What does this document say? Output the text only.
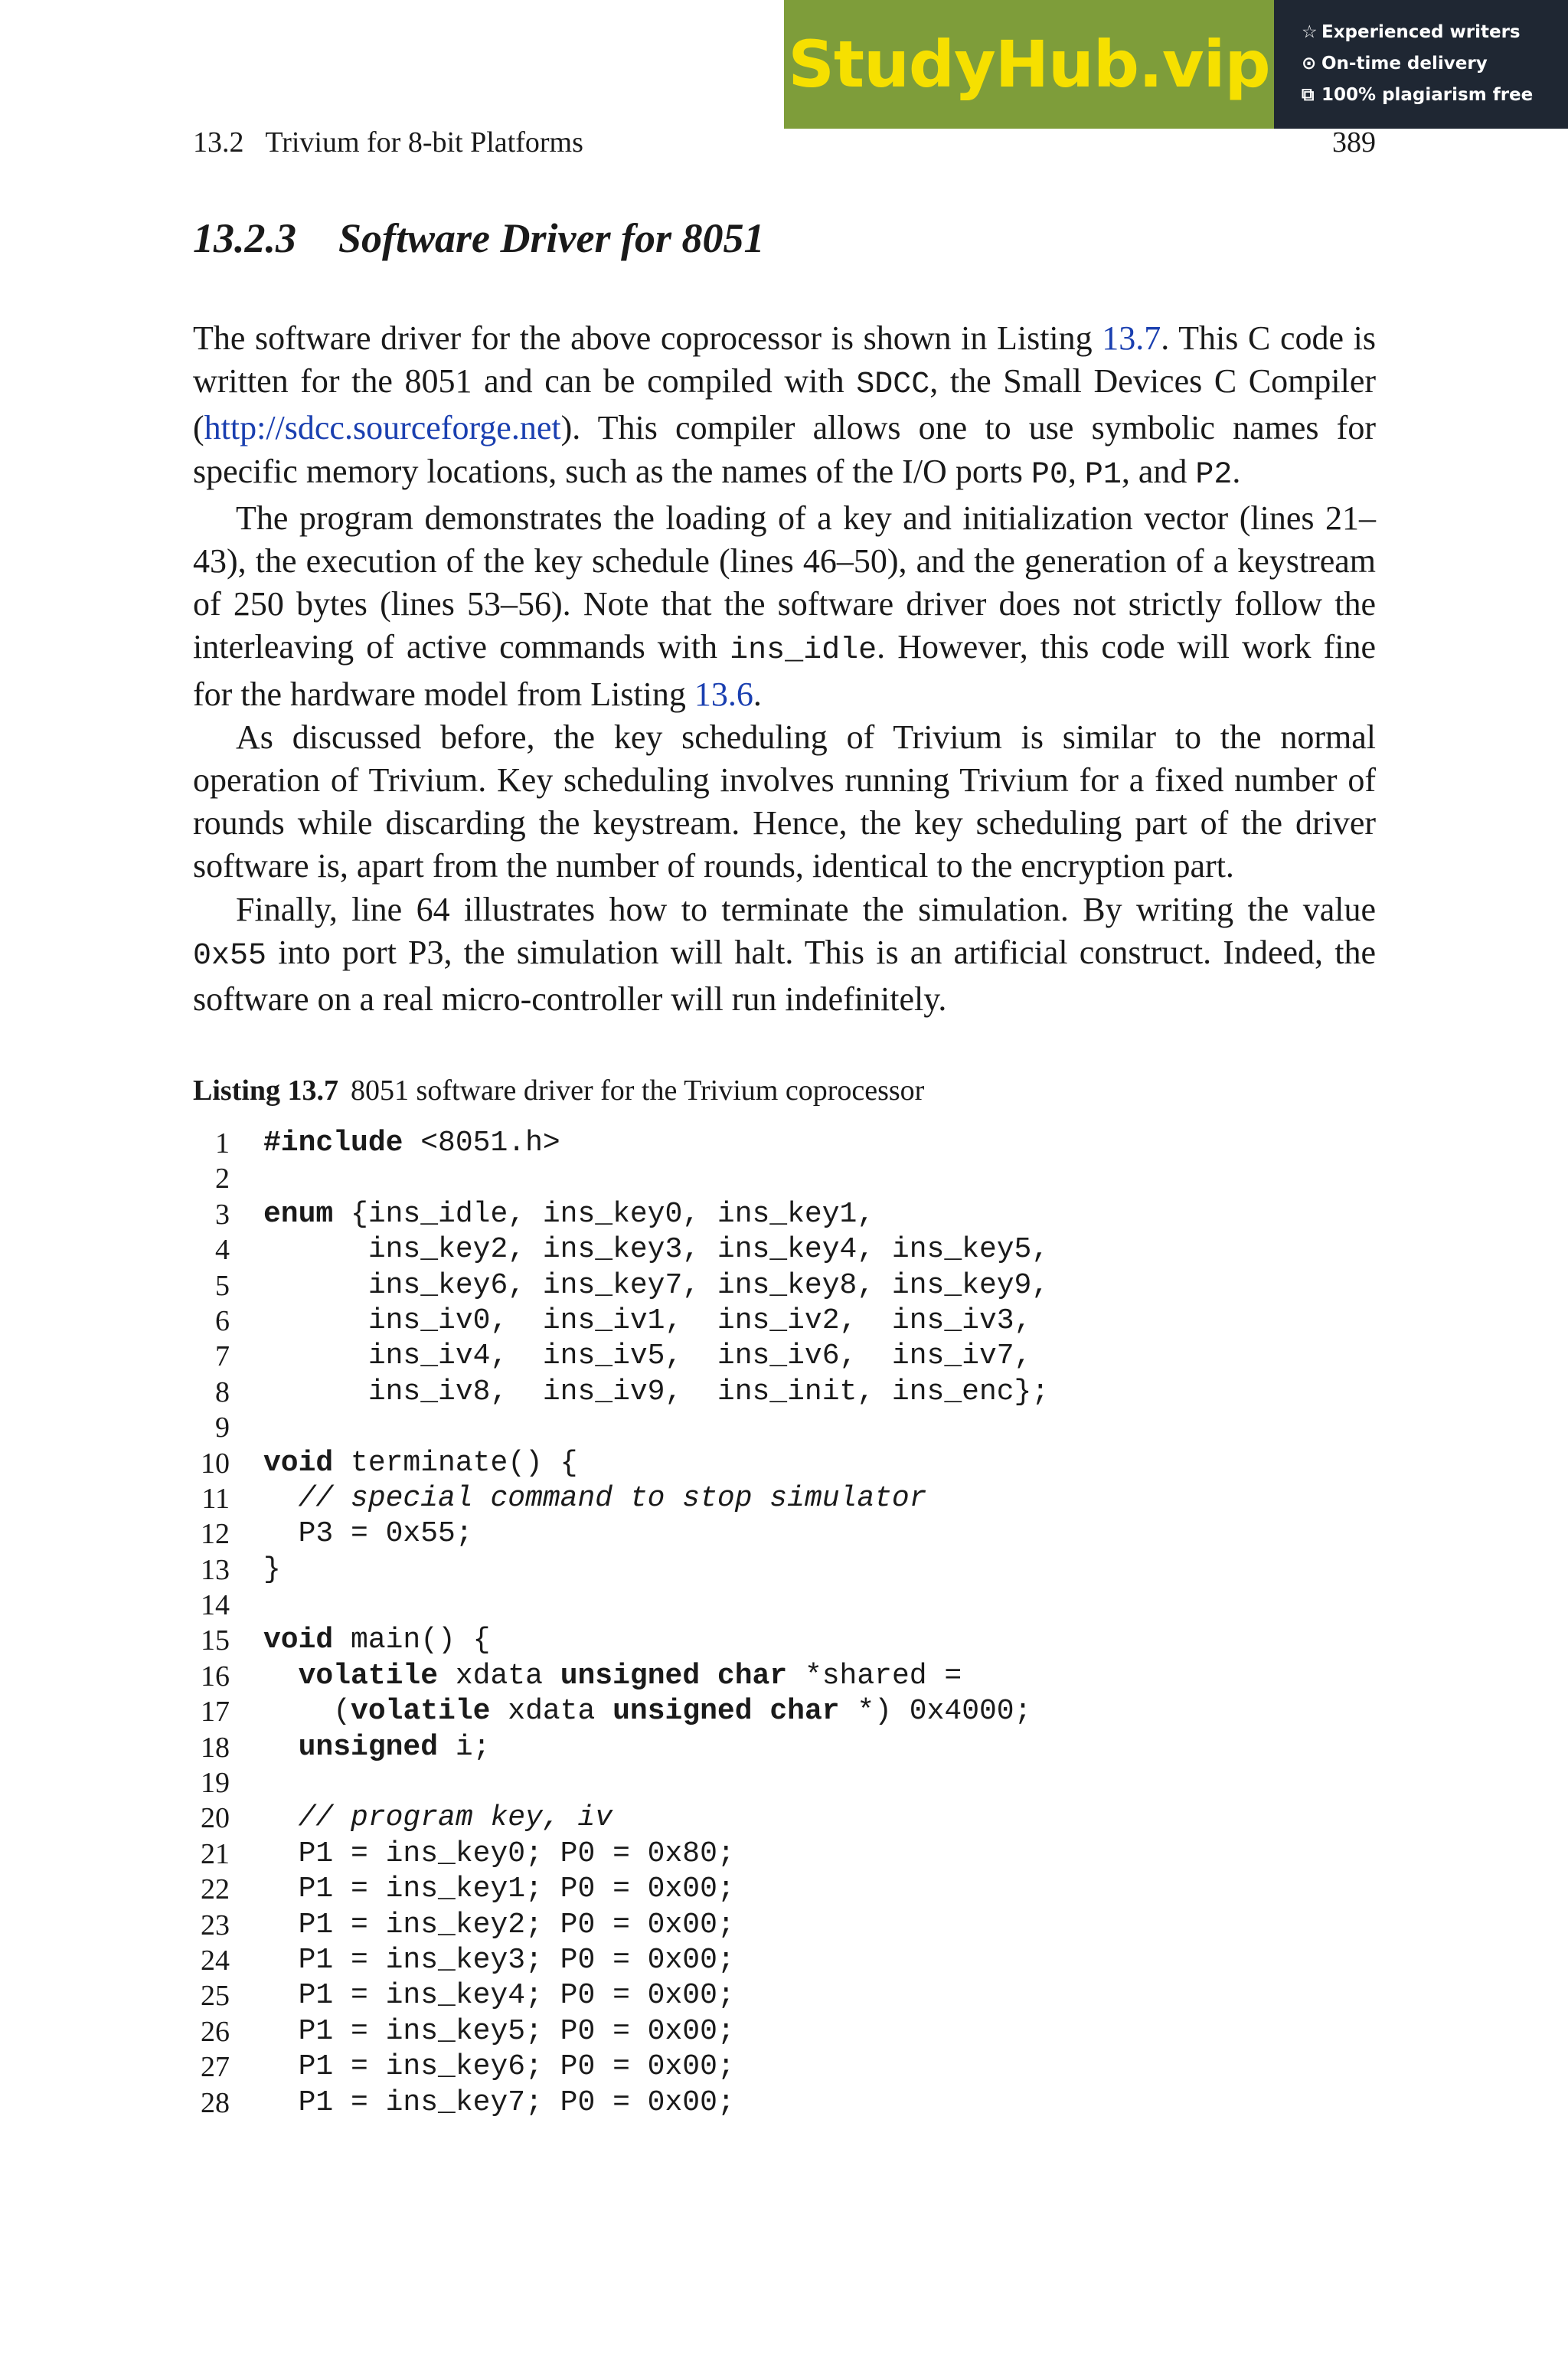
StudyHub.vip ☆ Experienced writers
⊙ On-time delivery
⧉ 100% plagiarism free
13.2   Trivium for 8-bit Platforms	389
13.2.3 Software Driver for 8051

The software driver for the above coprocessor is shown in Listing 13.7. This C code is written for the 8051 and can be compiled with SDCC, the Small Devices C Compiler (http://sdcc.sourceforge.net). This compiler allows one to use symbolic names for specific memory locations, such as the names of the I/O ports P0, P1, and P2.

The program demonstrates the loading of a key and initialization vector (lines 21–43), the execution of the key schedule (lines 46–50), and the generation of a keystream of 250 bytes (lines 53–56). Note that the software driver does not strictly follow the interleaving of active commands with ins_idle. However, this code will work fine for the hardware model from Listing 13.6.

As discussed before, the key scheduling of Trivium is similar to the normal operation of Trivium. Key scheduling involves running Trivium for a fixed number of rounds while discarding the keystream. Hence, the key scheduling part of the driver software is, apart from the number of rounds, identical to the encryption part.

Finally, line 64 illustrates how to terminate the simulation. By writing the value 0x55 into port P3, the simulation will halt. This is an artificial construct. Indeed, the software on a real micro-controller will run indefinitely.

Listing 13.7 8051 software driver for the Trivium coprocessor
1 #include <8051.h>
2
3 enum {ins_idle, ins_key0, ins_key1,
4 ins_key2, ins_key3, ins_key4, ins_key5,
5 ins_key6, ins_key7, ins_key8, ins_key9,
6 ins_iv0,  ins_iv1,  ins_iv2,  ins_iv3,
7 ins_iv4,  ins_iv5,  ins_iv6,  ins_iv7,
8 ins_iv8,  ins_iv9,  ins_init, ins_enc};
9
10 void terminate() {
11	// special command to stop simulator
12 P3 = 0x55;
13 }
14
15 void main() {
16	volatile xdata unsigned char *shared =
17 (volatile xdata unsigned char *) 0x4000;
18	unsigned i;
19
20	// program key, iv
21 P1 = ins_key0; P0 = 0x80;
22 P1 = ins_key1; P0 = 0x00;
23 P1 = ins_key2; P0 = 0x00;
24 P1 = ins_key3; P0 = 0x00;
25 P1 = ins_key4; P0 = 0x00;
26 P1 = ins_key5; P0 = 0x00;
27 P1 = ins_key6; P0 = 0x00;
28 P1 = ins_key7; P0 = 0x00;
